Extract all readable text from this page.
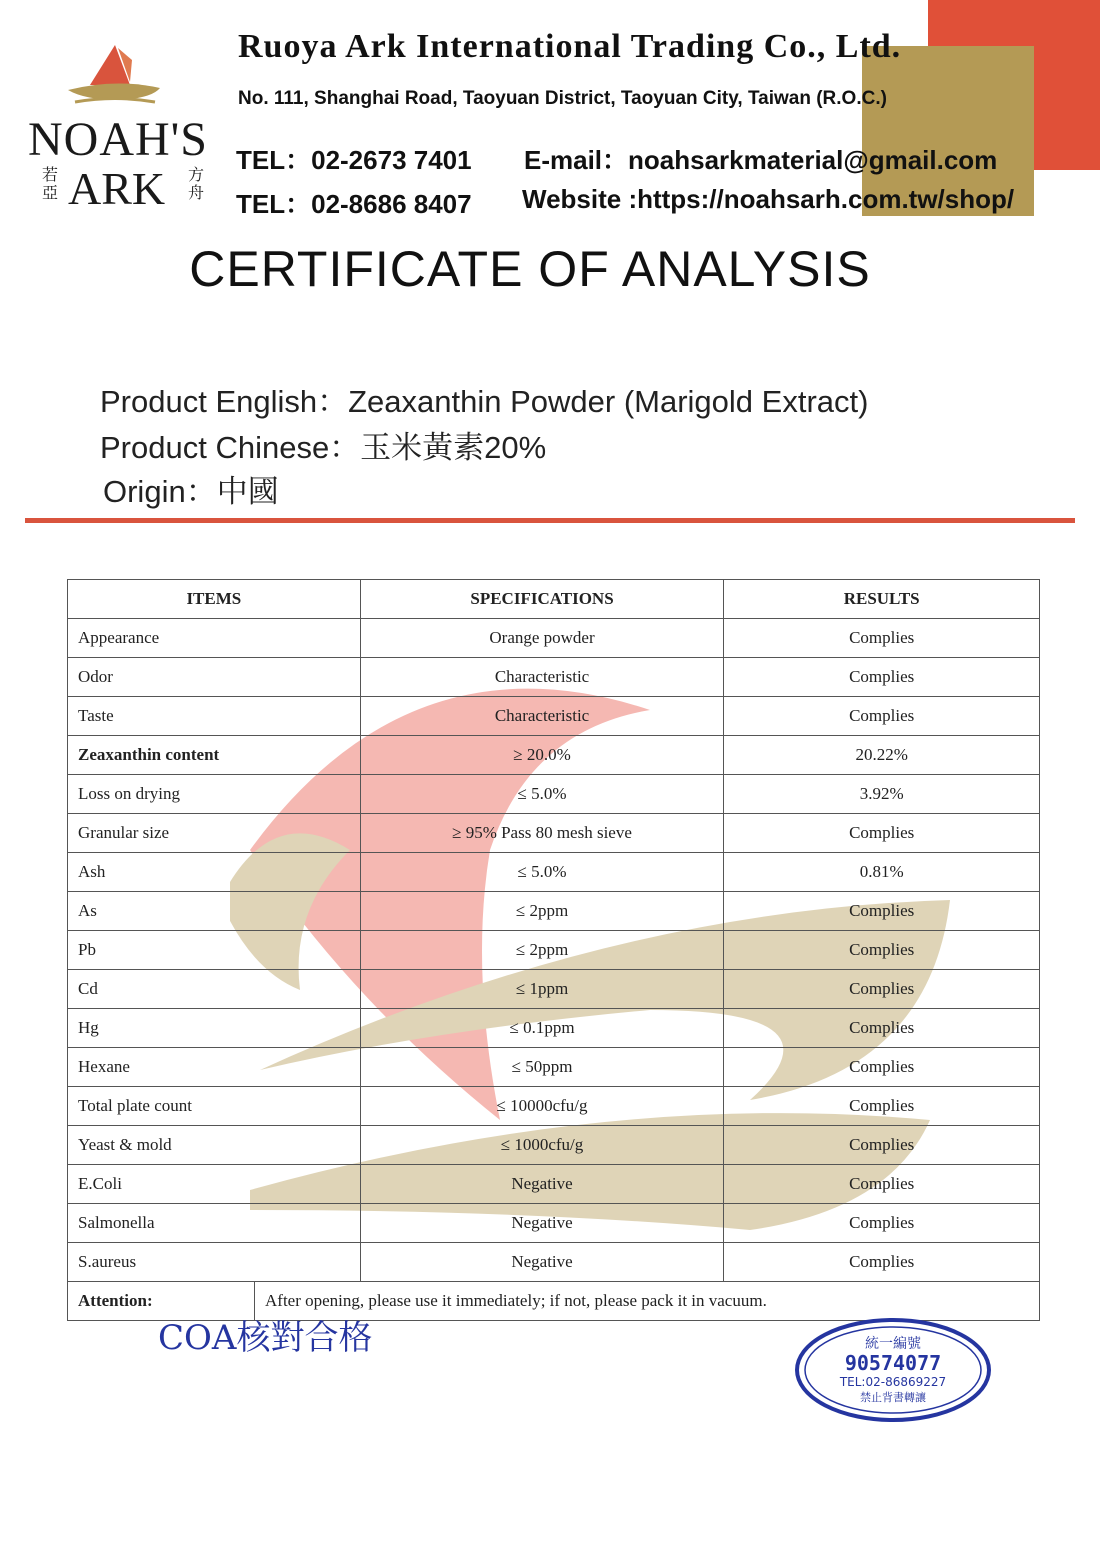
NOAH'S
若亞 ARK 方舟
Ruoya Ark International Trading Co., Ltd.
No. 111, Shanghai Road, Taoyuan District, Taoyuan City, Taiwan (R.O.C.)
TEL：02-2673 7401
TEL：02-8686 8407
E-mail：noahsarkmaterial@gmail.com
Website :https://noahsarh.com.tw/shop/
CERTIFICATE OF ANALYSIS
Product English：Zeaxanthin Powder (Marigold Extract)
Product Chinese：玉米黃素20%
Origin：中國
ITEMS	SPECIFICATIONS	RESULTS
Appearance	Orange powder	Complies
Odor	Characteristic	Complies
Taste	Characteristic	Complies
Zeaxanthin content	≥ 20.0%	20.22%
Loss on drying	≤ 5.0%	3.92%
Granular size	≥ 95% Pass 80 mesh sieve	Complies
Ash	≤ 5.0%	0.81%
As	≤ 2ppm	Complies
Pb	≤ 2ppm	Complies
Cd	≤ 1ppm	Complies
Hg	≤ 0.1ppm	Complies
Hexane	≤ 50ppm	Complies
Total plate count	≤ 10000cfu/g	Complies
Yeast & mold	≤ 1000cfu/g	Complies
E.Coli	Negative	Complies
Salmonella	Negative	Complies
S.aureus	Negative	Complies

Attention: After opening, please use it immediately; if not, please pack it in vacuum.		
COA核對合格	統一編號
90574077
TEL:02-86869227
禁止背書轉讓
